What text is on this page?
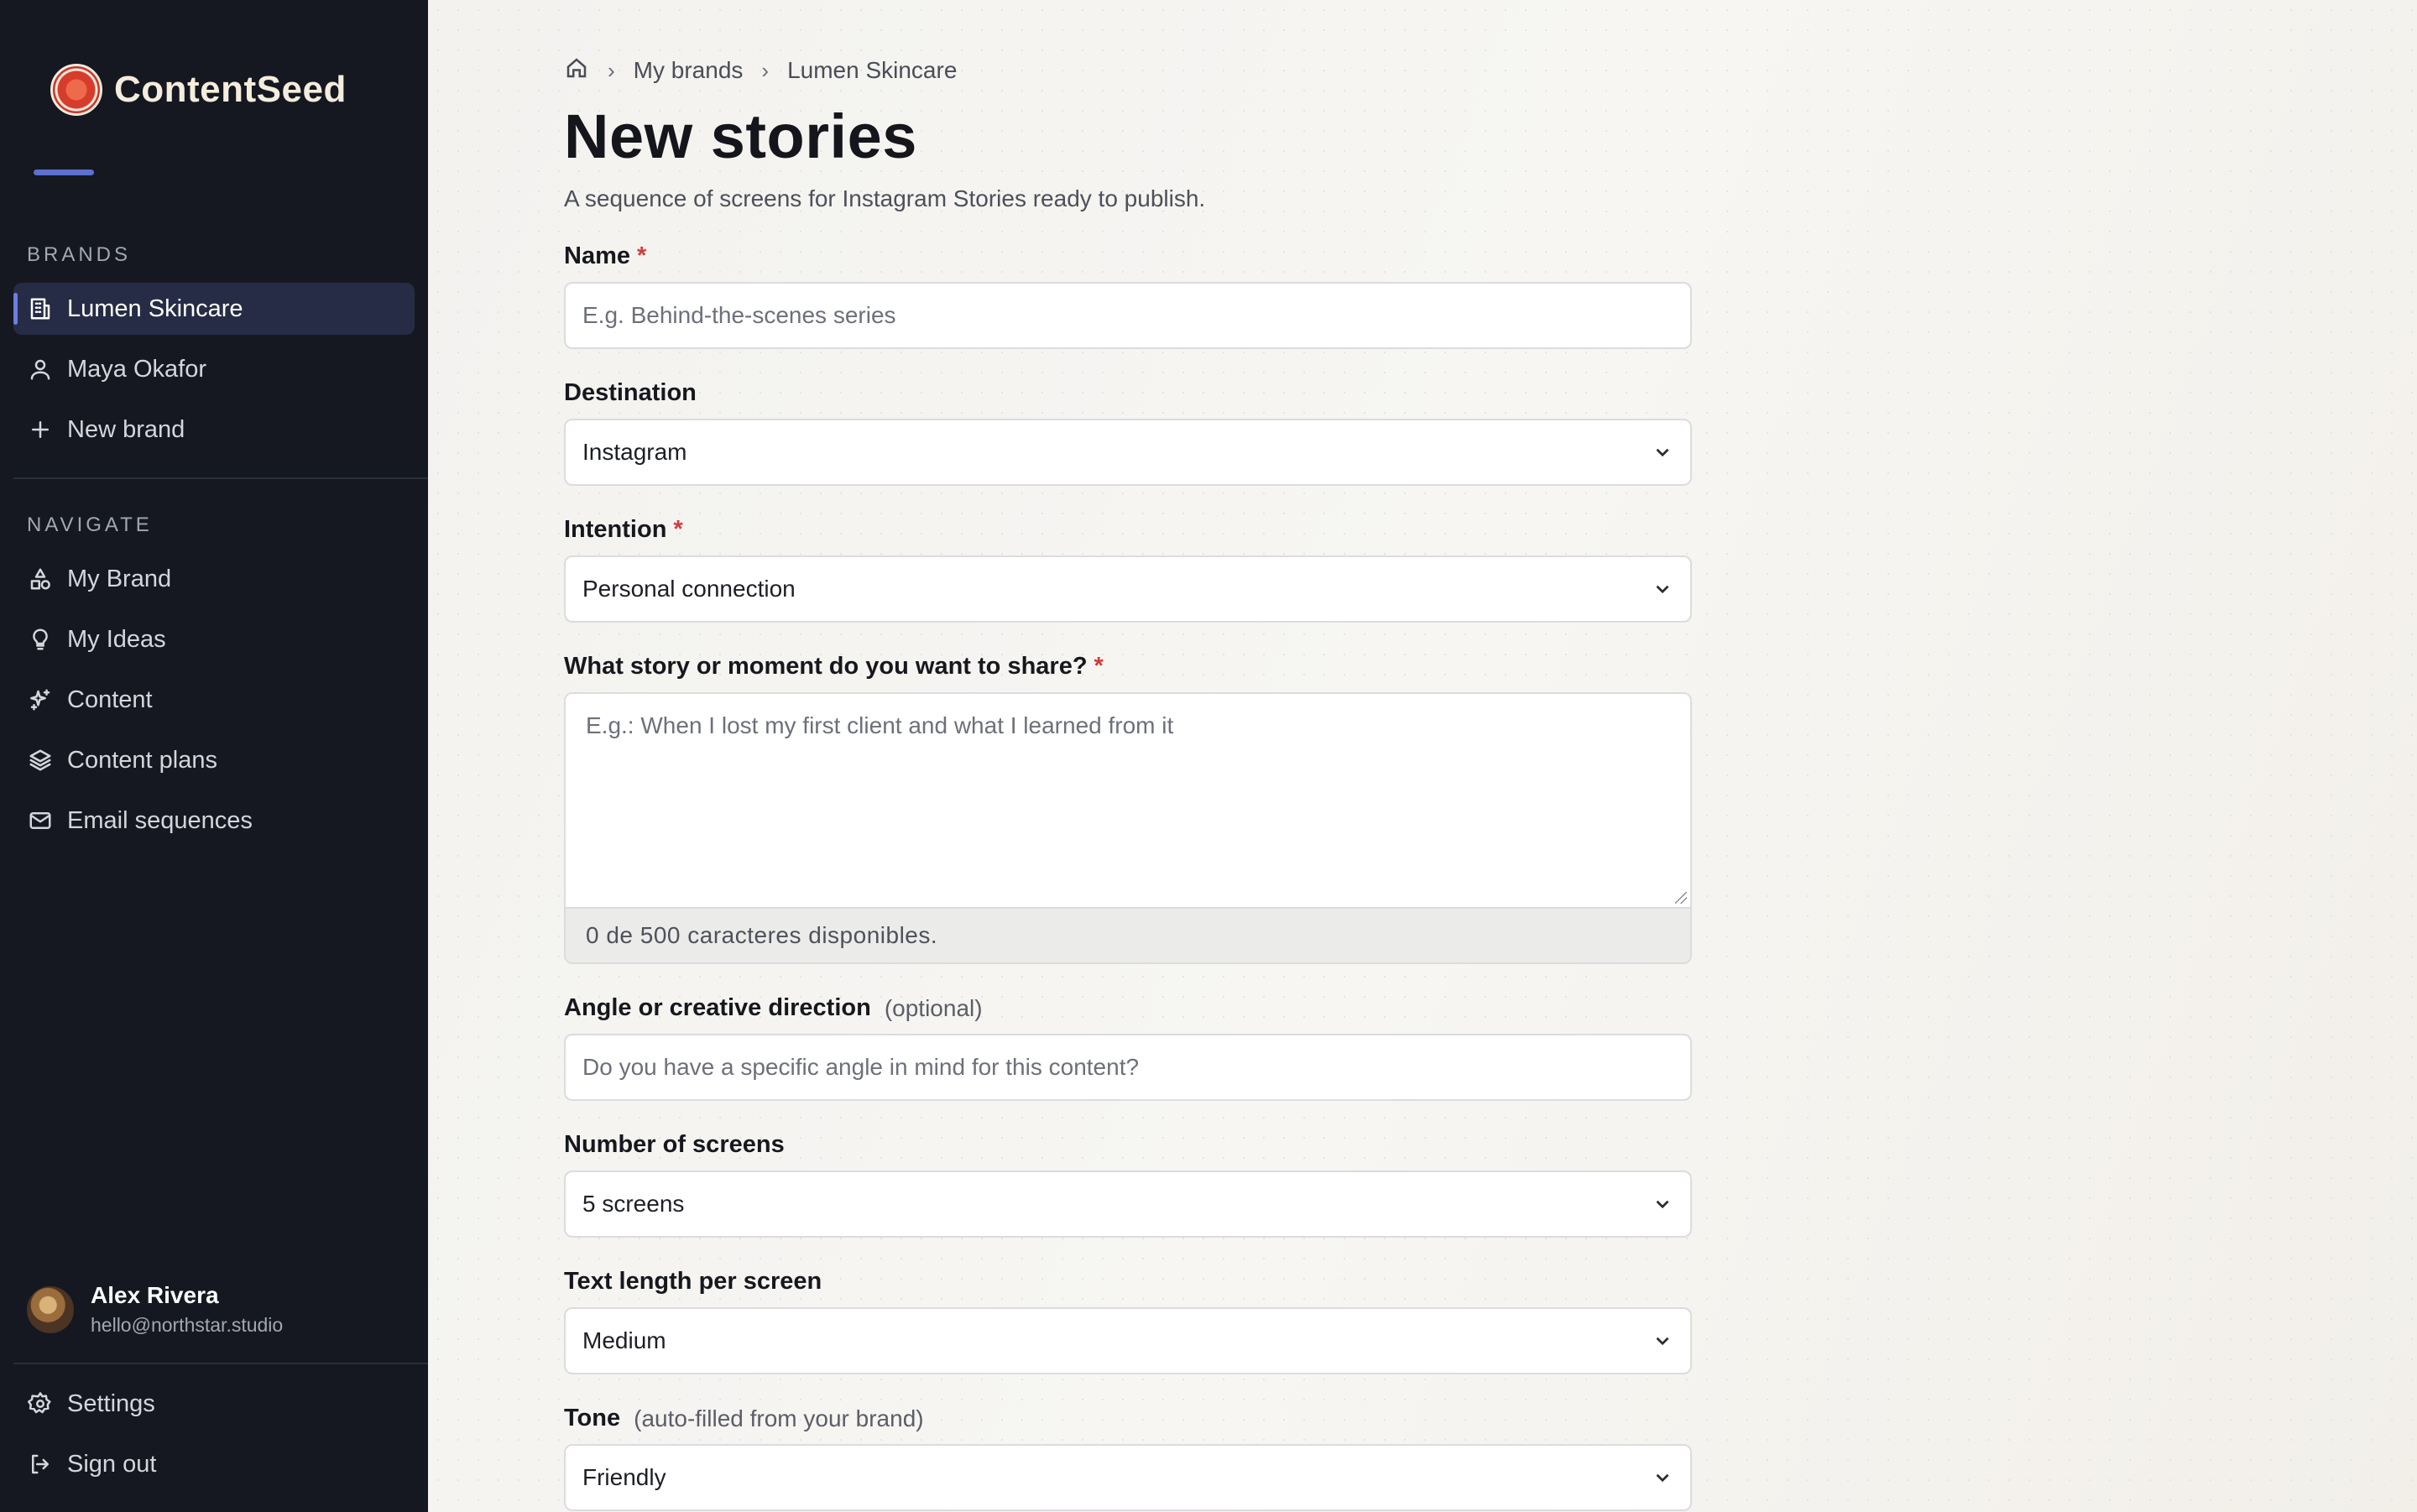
ContentSeed
BRANDS
Lumen Skincare
Maya Okafor
New brand
NAVIGATE
My Brand
My Ideas
Content
Content plans
Email sequences
Alex Rivera
hello@northstar.studio
Settings
Sign out
› My brands › Lumen Skincare
New stories

A sequence of screens for Instagram Stories ready to publish.

Name *
E.g. Behind-the-scenes series
Destination
Instagram
Intention *
Personal connection
What story or moment do you want to share? *
E.g.: When I lost my first client and what I learned from it
0 de 500 caracteres disponibles.
Angle or creative direction (optional)
Do you have a specific angle in mind for this content?
Number of screens
5 screens
Text length per screen
Medium
Tone (auto-filled from your brand)
Friendly
